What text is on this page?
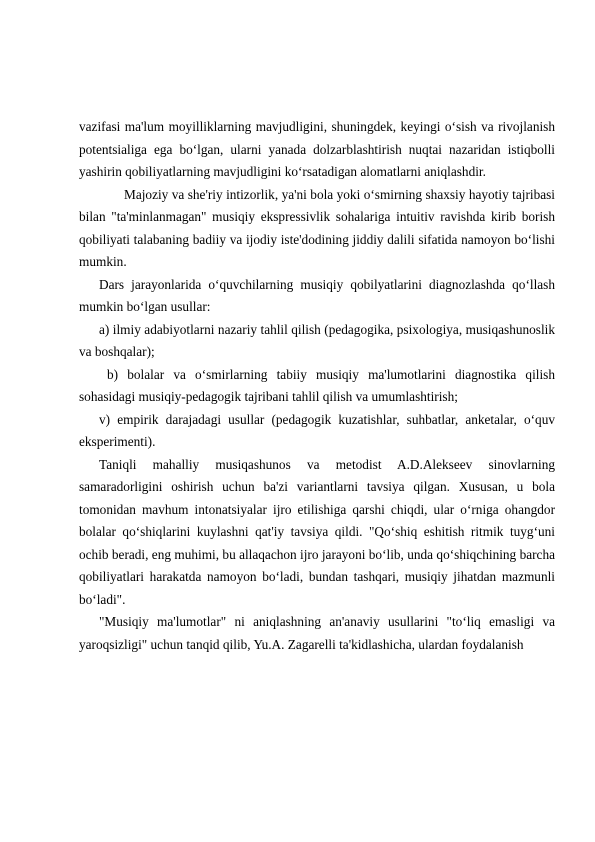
vazifasi ma'lum moyilliklarning mavjudligini, shuningdek, keyingi o‘sish va rivojlanish potentsialiga ega bo‘lgan, ularni yanada dolzarblashtirish nuqtai nazaridan istiqbolli yashirin qobiliyatlarning mavjudligini ko‘rsatadigan alomatlarni aniqlashdir.

Majoziy va she'riy intizorlik, ya'ni bola yoki o‘smirning shaxsiy hayotiy tajribasi bilan "ta'minlanmagan" musiqiy ekspressivlik sohalariga intuitiv ravishda kirib borish qobiliyati talabaning badiiy va ijodiy iste'dodining jiddiy dalili sifatida namoyon bo‘lishi mumkin.

Dars jarayonlarida o‘quvchilarning musiqiy qobilyatlarini diagnozlashda qo‘llash mumkin bo‘lgan usullar:

a) ilmiy adabiyotlarni nazariy tahlil qilish (pedagogika, psixologiya, musiqashunoslik va boshqalar);

b) bolalar va o‘smirlarning tabiiy musiqiy ma'lumotlarini diagnostika qilish sohasidagi musiqiy-pedagogik tajribani tahlil qilish va umumlashtirish;

v) empirik darajadagi usullar (pedagogik kuzatishlar, suhbatlar, anketalar, o‘quv eksperimenti).

Taniqli mahalliy musiqashunos va metodist A.D.Alekseev sinovlarning samaradorligini oshirish uchun ba'zi variantlarni tavsiya qilgan. Xususan, u bola tomonidan mavhum intonatsiyalar ijro etilishiga qarshi chiqdi, ular o‘rniga ohangdor bolalar qo‘shiqlarini kuylashni qat'iy tavsiya qildi. "Qo‘shiq eshitish ritmik tuyg‘uni ochib beradi, eng muhimi, bu allaqachon ijro jarayoni bo‘lib, unda qo‘shiqchining barcha qobiliyatlari harakatda namoyon bo‘ladi, bundan tashqari, musiqiy jihatdan mazmunli bo‘ladi".

"Musiqiy ma'lumotlar" ni aniqlashning an'anaviy usullarini "to‘liq emasligi va yaroqsizligi" uchun tanqid qilib, Yu.A. Zagarelli ta'kidlashicha, ulardan foydalanish
